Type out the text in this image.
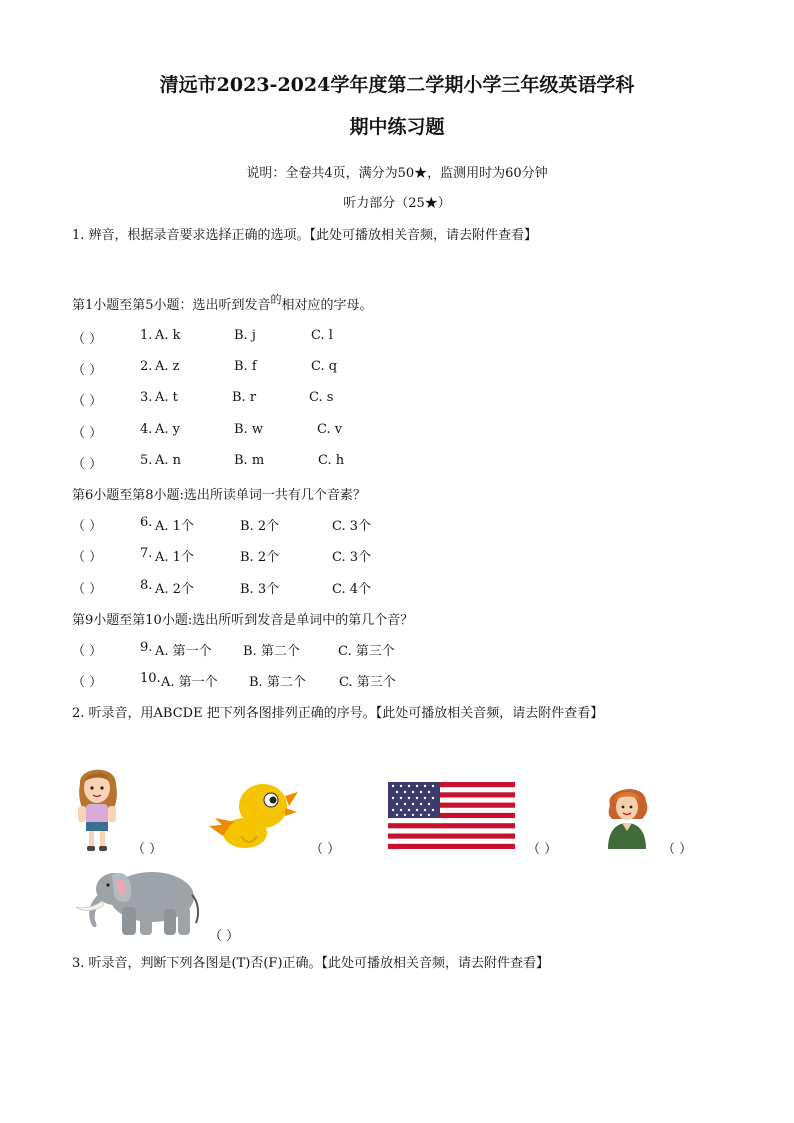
清远市2023-2024学年度第二学期小学三年级英语学科
期中练习题
说明：全卷共4页，满分为50★，监测用时为60分钟
听力部分（25★）
1. 辨音，根据录音要求选择正确的选项。【此处可播放相关音频，请去附件查看】
第1小题至第5小题：选出听到发音$^的$相对应的字母。
（ ）	1. A. k	B. j	C. l
（ ）	2. A. z	B. f	C. q
（ ）	3. A. t	B. r	C. s
（ ）	4. A. y	B. w	C. v
（ ）	5. A. n	B. m	C. h
第6小题至第8小题:选出所读单词一共有几个音素？
（ ）	6. A. 1个	B. 2个	C. 3个
（ ）	7. A. 1个	B. 2个	C. 3个
（ ）	8. A. 2个	B. 3个	C. 4个
第9小题至第10小题:选出所听到发音是单词中的第几个音？
（ ）	9. A. 第一个 B. 第二个	C. 第三个
（ ）	10. A. 第一个 B. 第二个	C. 第三个
2. 听录音，用ABCDE 把下列各图排列正确的序号。【此处可播放相关音频，请去附件查看】
（ ）	（ ）	（ ）	（ ）
（ ）
3. 听录音，判断下列各图是(T)否(F)正确。【此处可播放相关音频，请去附件查看】
